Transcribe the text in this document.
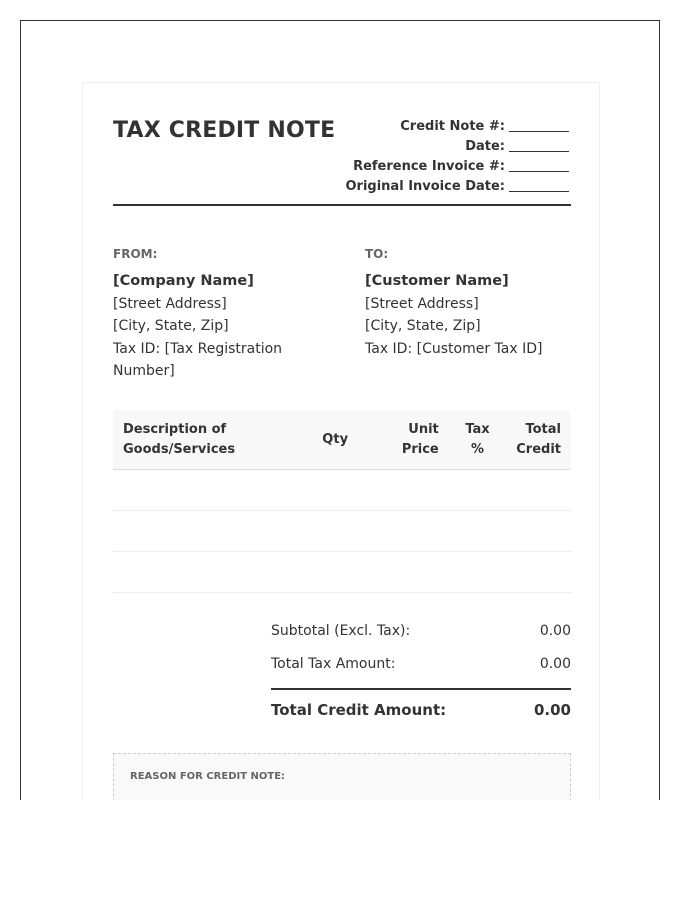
TAX CREDIT NOTE	Credit Note #:
Date:
Reference Invoice #:
Original Invoice Date:
FROM:
[Company Name]
[Street Address]
[City, State, Zip]
Tax ID: [Tax Registration Number]
TO:
[Customer Name]
[Street Address]
[City, State, Zip]
Tax ID: [Customer Tax ID]
Description of Goods/Services	Qty	Unit Price	Tax %	Total Credit

Subtotal (Excl. Tax):	0.00
Total Tax Amount:	0.00
Total Credit Amount:	0.00
REASON FOR CREDIT NOTE:
